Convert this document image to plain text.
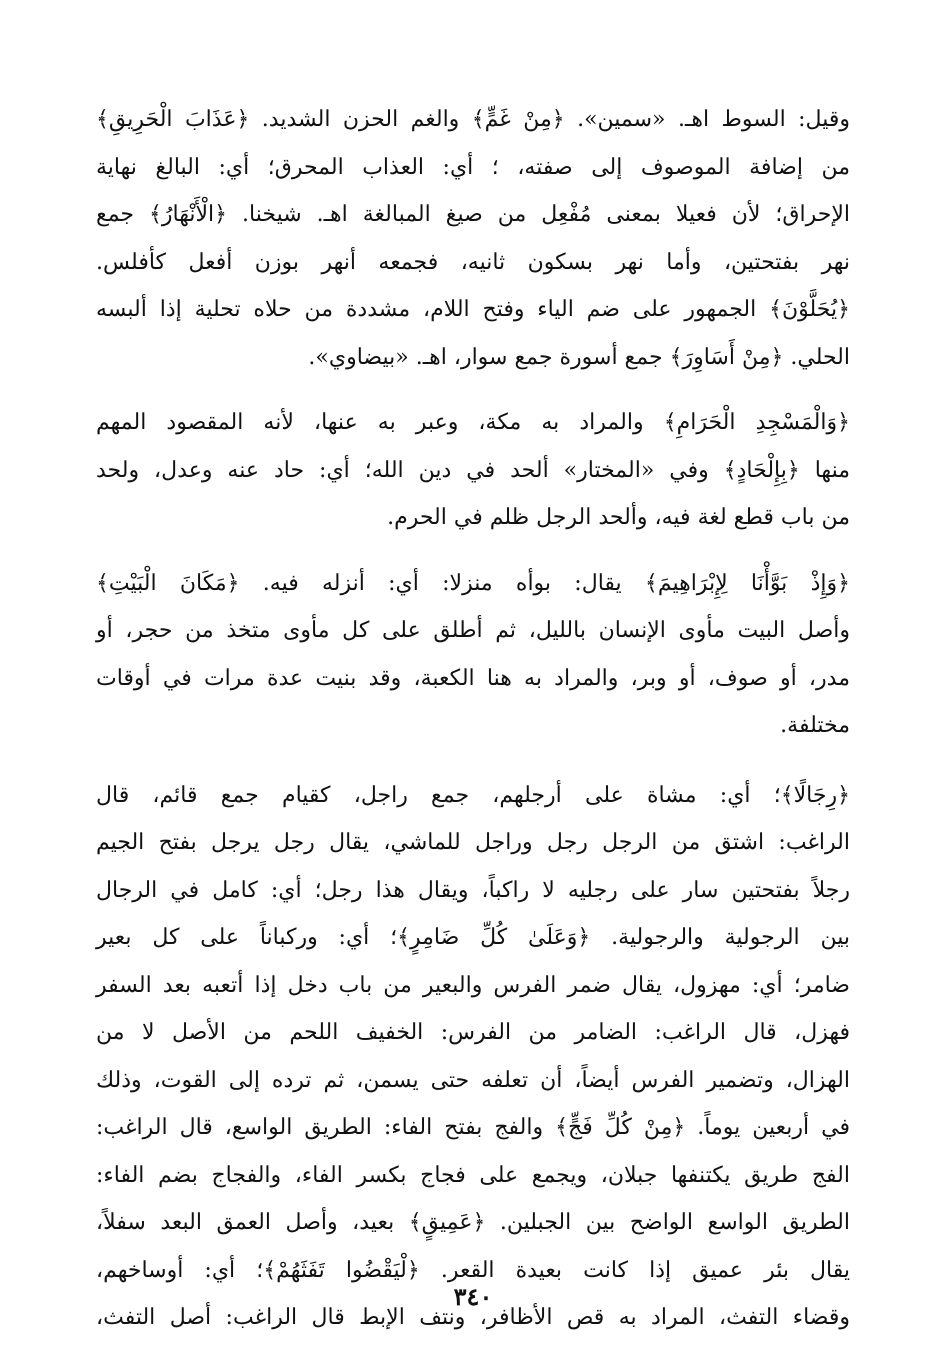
وقيل: السوط اهـ. «سمين». ﴿مِنْ غَمٍّ﴾ والغم الحزن الشديد. ﴿عَذَابَ الْحَرِيقِ﴾
من إضافة الموصوف إلى صفته، ؛ أي: العذاب المحرق؛ أي: البالغ نهاية
الإحراق؛ لأن فعيلا بمعنى مُفْعِل من صيغ المبالغة اهـ. شيخنا. ﴿الْأَنْهَارُ﴾ جمع
نهر بفتحتين، وأما نهر بسكون ثانيه، فجمعه أنهر بوزن أفعل كأفلس.
﴿يُحَلَّوْنَ﴾ الجمهور على ضم الياء وفتح اللام، مشددة من حلاه تحلية إذا ألبسه
الحلي. ﴿مِنْ أَسَاوِرَ﴾ جمع أسورة جمع سوار، اهـ. «بيضاوي».
﴿وَالْمَسْجِدِ الْحَرَامِ﴾ والمراد به مكة، وعبر به عنها، لأنه المقصود المهم
منها ﴿بِإِلْحَادٍ﴾ وفي «المختار» ألحد في دين الله؛ أي: حاد عنه وعدل، ولحد
من باب قطع لغة فيه، وألحد الرجل ظلم في الحرم.
﴿وَإِذْ بَوَّأْنَا لِإِبْرَاهِيمَ﴾ يقال: بوأه منزلا: أي: أنزله فيه. ﴿مَكَانَ الْبَيْتِ﴾
وأصل البيت مأوى الإنسان بالليل، ثم أطلق على كل مأوى متخذ من حجر، أو
مدر، أو صوف، أو وبر، والمراد به هنا الكعبة، وقد بنيت عدة مرات في أوقات
مختلفة.
﴿رِجَالًا﴾؛ أي: مشاة على أرجلهم، جمع راجل، كقيام جمع قائم، قال
الراغب: اشتق من الرجل رجل وراجل للماشي، يقال رجل يرجل بفتح الجيم
رجلاً بفتحتين سار على رجليه لا راكباً، ويقال هذا رجل؛ أي: كامل في الرجال
بين الرجولية والرجولية. ﴿وَعَلَىٰ كُلِّ ضَامِرٍ﴾؛ أي: وركباناً على كل بعير
ضامر؛ أي: مهزول، يقال ضمر الفرس والبعير من باب دخل إذا أتعبه بعد السفر
فهزل، قال الراغب: الضامر من الفرس: الخفيف اللحم من الأصل لا من
الهزال، وتضمير الفرس أيضاً، أن تعلفه حتى يسمن، ثم ترده إلى القوت، وذلك
في أربعين يوماً. ﴿مِنْ كُلِّ فَجٍّ﴾ والفج بفتح الفاء: الطريق الواسع، قال الراغب:
الفج طريق يكتنفها جبلان، ويجمع على فجاج بكسر الفاء، والفجاج بضم الفاء:
الطريق الواسع الواضح بين الجبلين. ﴿عَمِيقٍ﴾ بعيد، وأصل العمق البعد سفلاً،
يقال بئر عميق إذا كانت بعيدة القعر. ﴿لْيَقْضُوا تَفَثَهُمْ﴾؛ أي: أوساخهم،
وقضاء التفث، المراد به قص الأظافر، ونتف الإبط قال الراغب: أصل التفث،
٣٤٠
